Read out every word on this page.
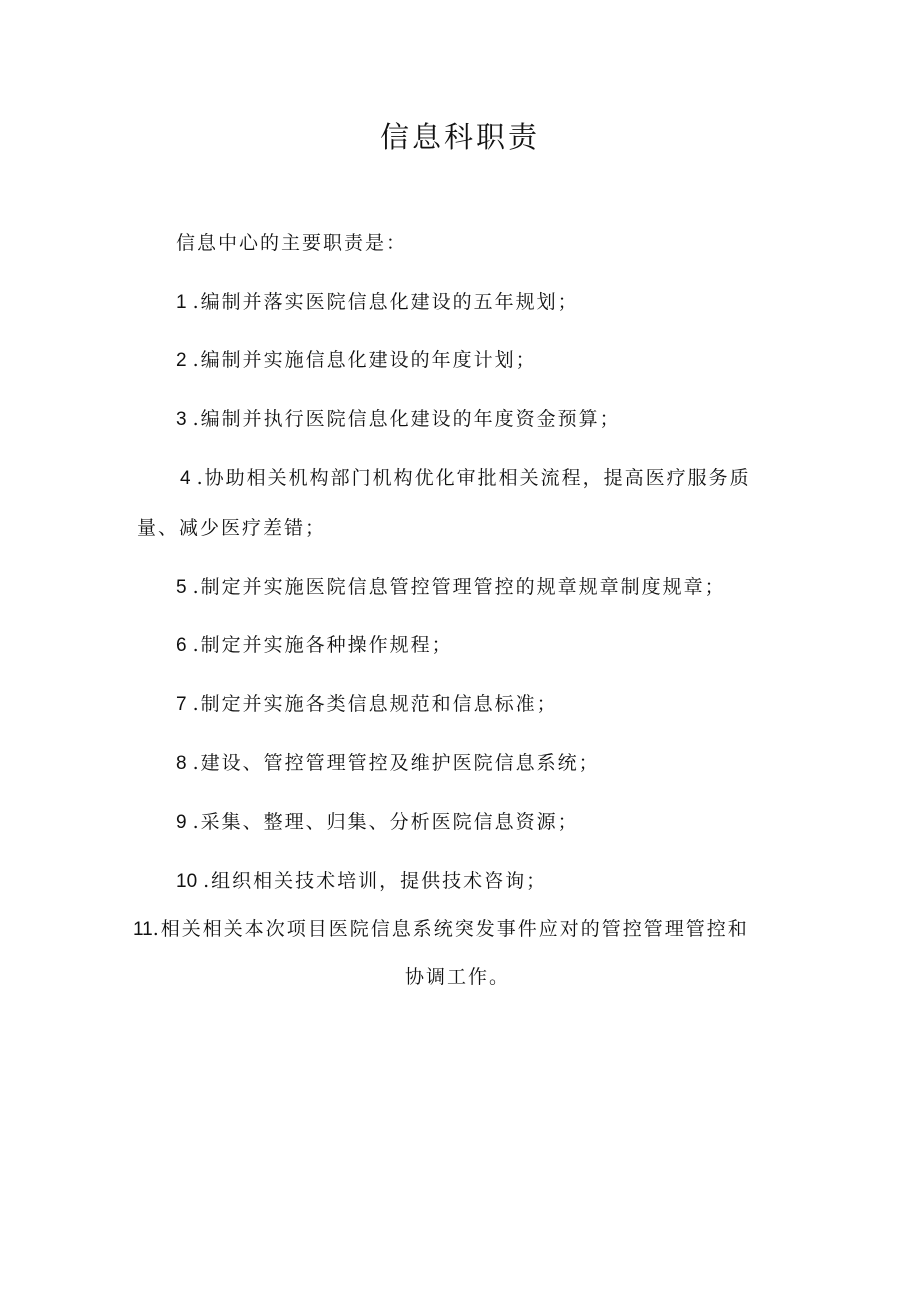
信息科职责
信息中心的主要职责是：
1 .编制并落实医院信息化建设的五年规划；
2 .编制并实施信息化建设的年度计划；
3 .编制并执行医院信息化建设的年度资金预算；
4 .协助相关机构部门机构优化审批相关流程，提高医疗服务质
量、减少医疗差错；
5 .制定并实施医院信息管控管理管控的规章规章制度规章；
6 .制定并实施各种操作规程；
7 .制定并实施各类信息规范和信息标准；
8 .建设、管控管理管控及维护医院信息系统；
9 .采集、整理、归集、分析医院信息资源；
10 .组织相关技术培训，提供技术咨询；
11.相关相关本次项目医院信息系统突发事件应对的管控管理管控和
协调工作。
